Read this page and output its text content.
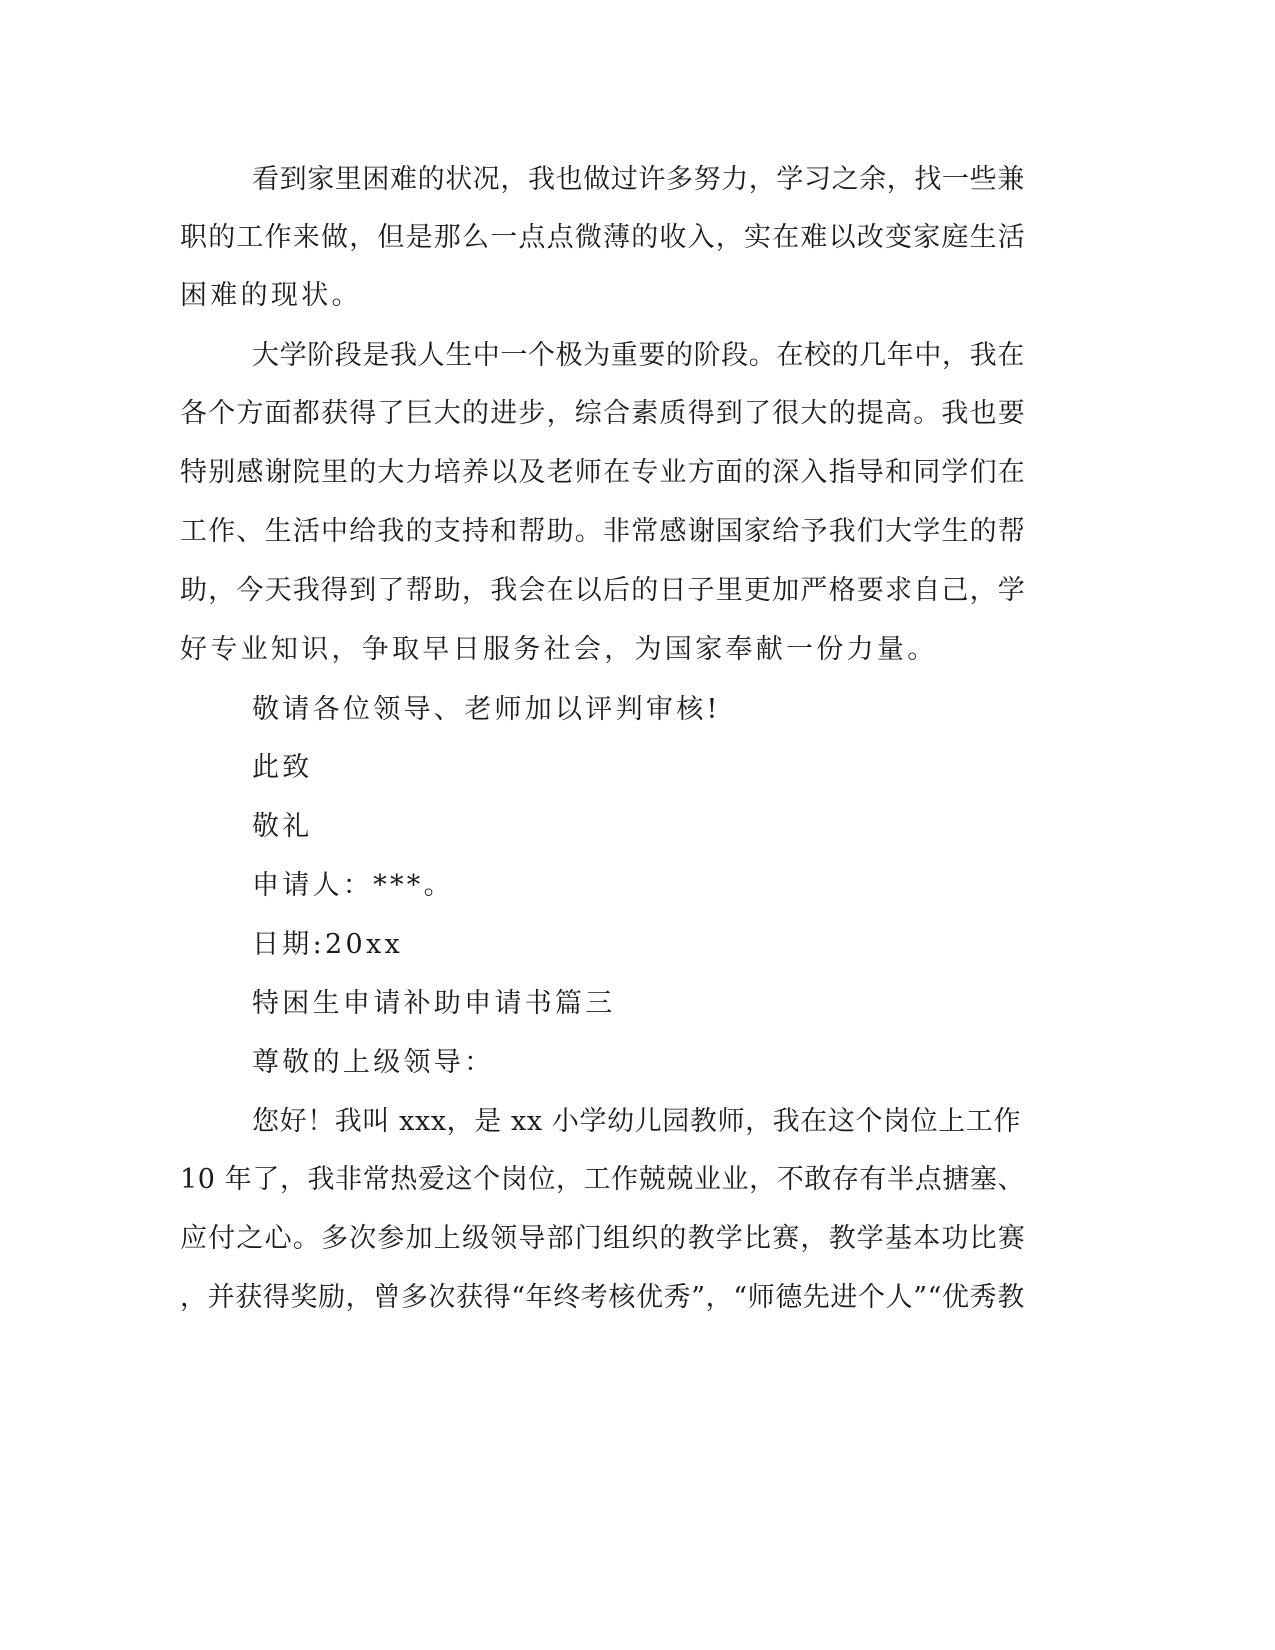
看到家里困难的状况，我也做过许多努力，学习之余，找一些兼
职的工作来做，但是那么一点点微薄的收入，实在难以改变家庭生活
困难的现状。
大学阶段是我人生中一个极为重要的阶段。在校的几年中，我在
各个方面都获得了巨大的进步，综合素质得到了很大的提高。我也要
特别感谢院里的大力培养以及老师在专业方面的深入指导和同学们在
工作、生活中给我的支持和帮助。非常感谢国家给予我们大学生的帮
助，今天我得到了帮助，我会在以后的日子里更加严格要求自己，学
好专业知识，争取早日服务社会，为国家奉献一份力量。
敬请各位领导、老师加以评判审核!
此致
敬礼
申请人：***。
日期:20xx
特困生申请补助申请书篇三
尊敬的上级领导：
您好！我叫 xxx，是 xx 小学幼儿园教师，我在这个岗位上工作
10 年了，我非常热爱这个岗位，工作兢兢业业，不敢存有半点搪塞、
应付之心。多次参加上级领导部门组织的教学比赛，教学基本功比赛
，并获得奖励，曾多次获得“年终考核优秀”，“师德先进个人”“优秀教
